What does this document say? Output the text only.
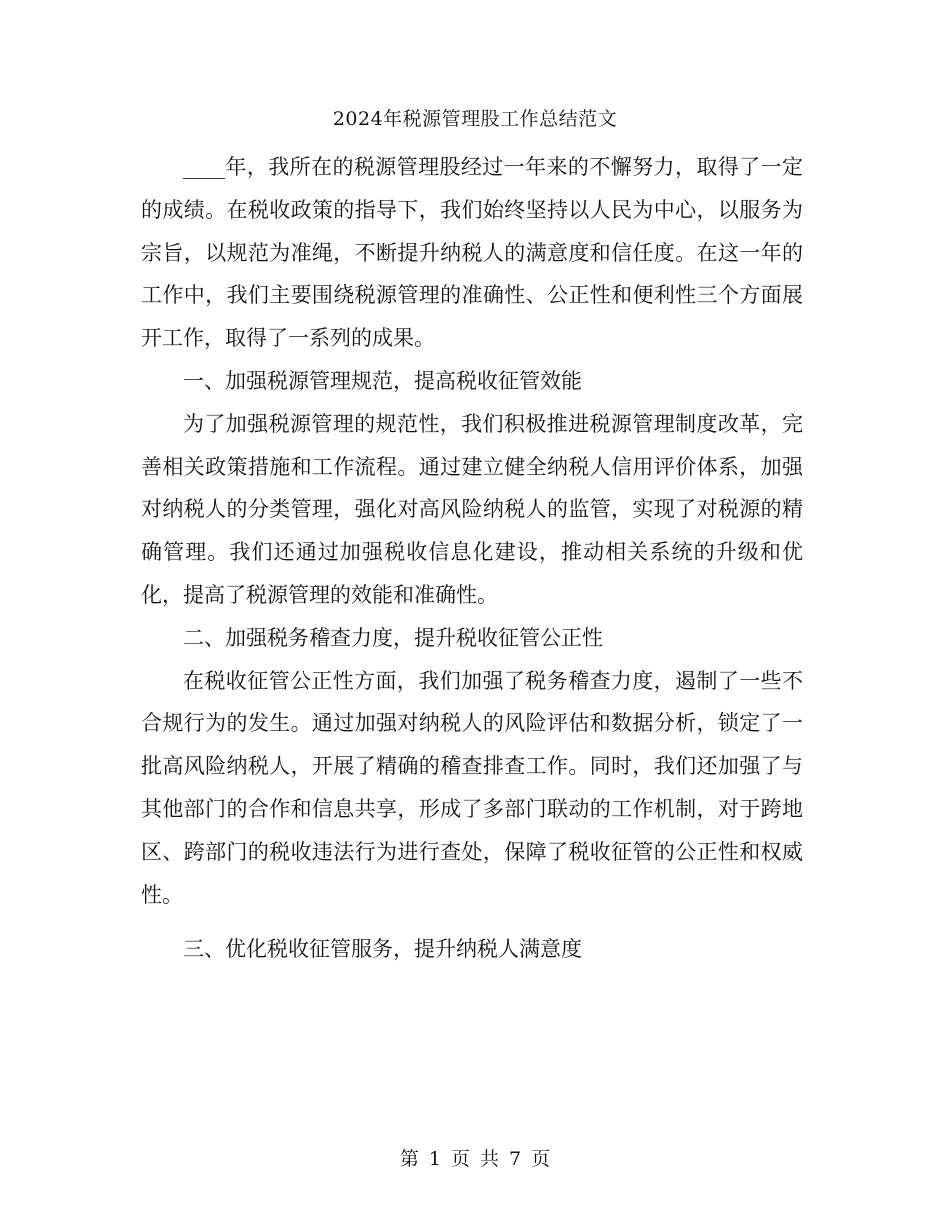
2024年税源管理股工作总结范文

____年，我所在的税源管理股经过一年来的不懈努力，取得了一定的成绩。在税收政策的指导下，我们始终坚持以人民为中心，以服务为宗旨，以规范为准绳，不断提升纳税人的满意度和信任度。在这一年的工作中，我们主要围绕税源管理的准确性、公正性和便利性三个方面展开工作，取得了一系列的成果。

一、加强税源管理规范，提高税收征管效能

为了加强税源管理的规范性，我们积极推进税源管理制度改革，完善相关政策措施和工作流程。通过建立健全纳税人信用评价体系，加强对纳税人的分类管理，强化对高风险纳税人的监管，实现了对税源的精确管理。我们还通过加强税收信息化建设，推动相关系统的升级和优化，提高了税源管理的效能和准确性。

二、加强税务稽查力度，提升税收征管公正性

在税收征管公正性方面，我们加强了税务稽查力度，遏制了一些不合规行为的发生。通过加强对纳税人的风险评估和数据分析，锁定了一批高风险纳税人，开展了精确的稽查排查工作。同时，我们还加强了与其他部门的合作和信息共享，形成了多部门联动的工作机制，对于跨地区、跨部门的税收违法行为进行查处，保障了税收征管的公正性和权威性。

三、优化税收征管服务，提升纳税人满意度

第 1 页 共 7 页
